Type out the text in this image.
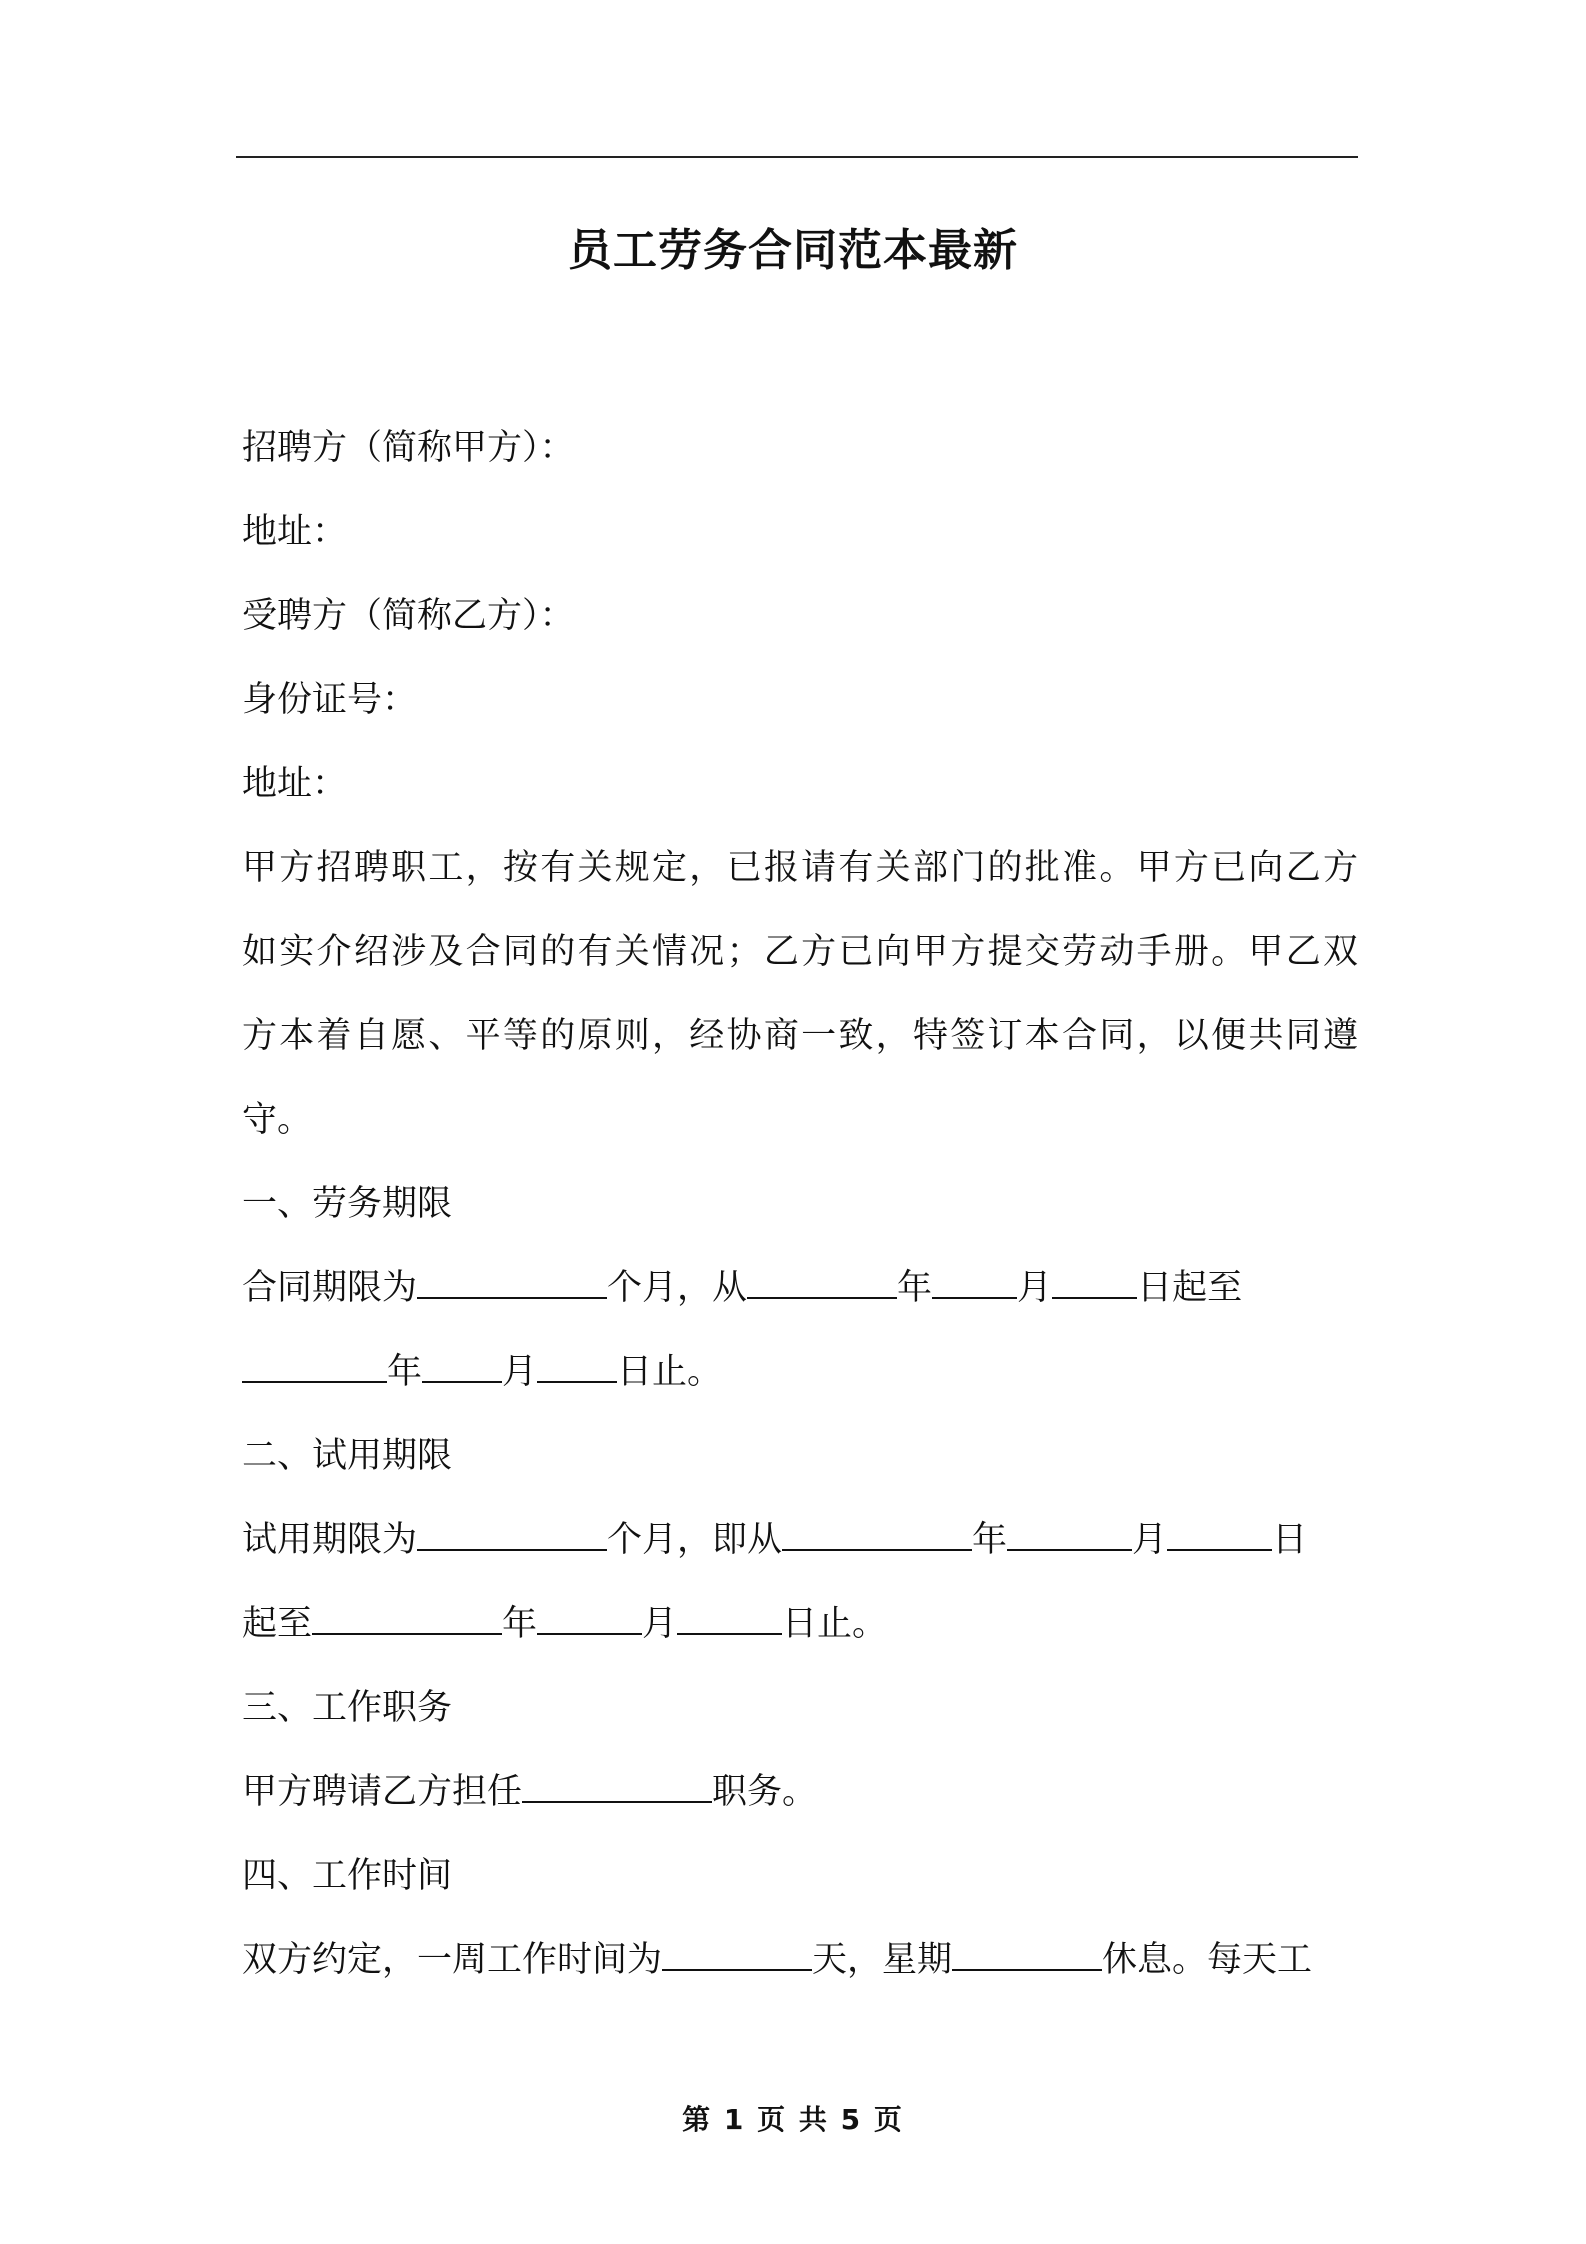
员工劳务合同范本最新
招聘方（简称甲方）：
地址：
受聘方（简称乙方）：
身份证号：
地址：
甲方招聘职工，按有关规定，已报请有关部门的批准。甲方已向乙方
如实介绍涉及合同的有关情况；乙方已向甲方提交劳动手册。甲乙双
方本着自愿、平等的原则，经协商一致，特签订本合同，以便共同遵
守。
一、劳务期限
合同期限为	个月，从	年 月 日起至
年 月 日止。
二、试用期限
试用期限为	个月，即从	年	月	日
起至	年	月	日止。
三、工作职务
甲方聘请乙方担任	职务。
四、工作时间
双方约定，一周工作时间为	天，星期	休息。每天工
第 1 页 共 5 页
